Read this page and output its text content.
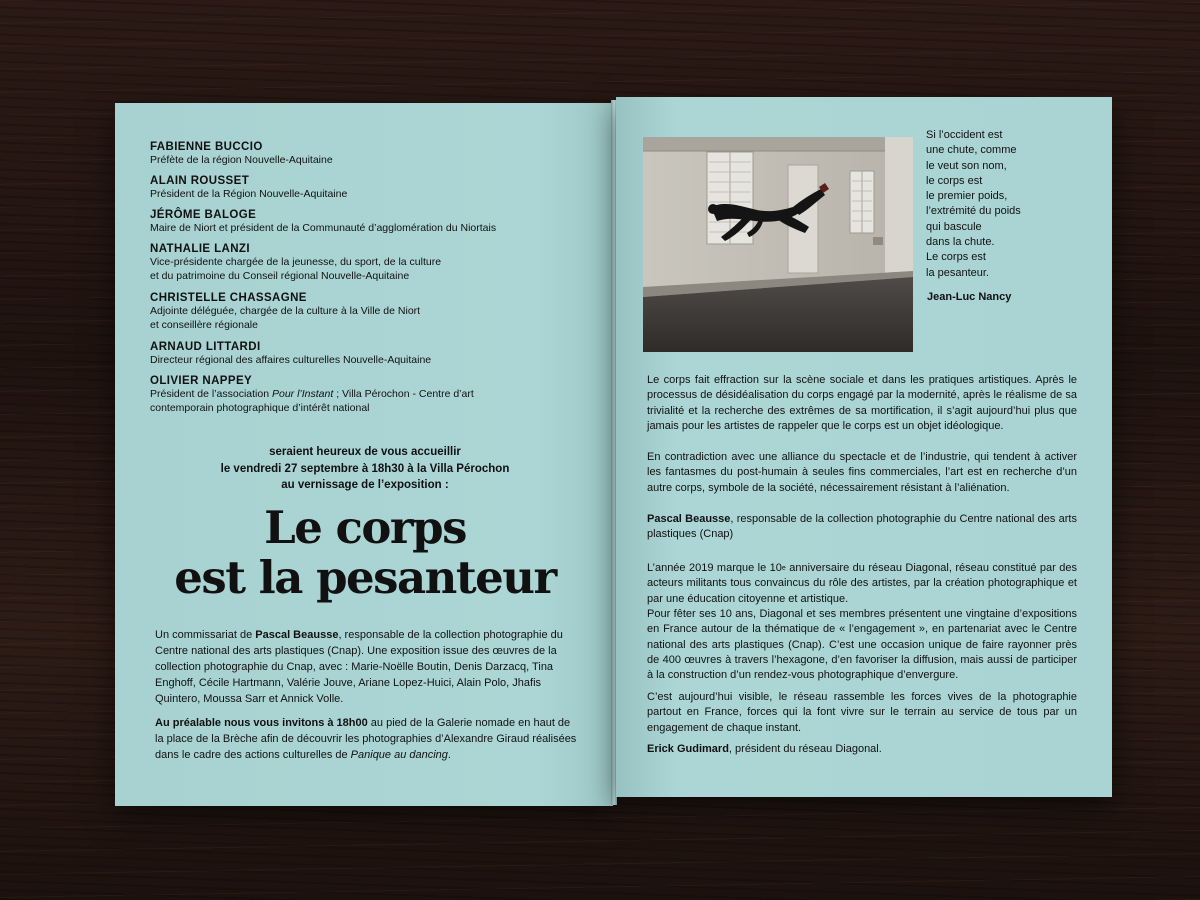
FABIENNE BUCCIO
Préfète de la région Nouvelle-Aquitaine
ALAIN ROUSSET
Président de la Région Nouvelle-Aquitaine
JÉRÔME BALOGE
Maire de Niort et président de la Communauté d’agglomération du Niortais
NATHALIE LANZI
Vice-présidente chargée de la jeunesse, du sport, de la culture
et du patrimoine du Conseil régional Nouvelle-Aquitaine
CHRISTELLE CHASSAGNE
Adjointe déléguée, chargée de la culture à la Ville de Niort
et conseillère régionale
ARNAUD LITTARDI
Directeur régional des affaires culturelles Nouvelle-Aquitaine
OLIVIER NAPPEY
Président de l’association Pour l’Instant ; Villa Pérochon - Centre d’art
contemporain photographique d’intérêt national
seraient heureux de vous accueillir
le vendredi 27 septembre à 18h30 à la Villa Pérochon
au vernissage de l’exposition :
Le corps
est la pesanteur
Un commissariat de Pascal Beausse, responsable de la collection photographie du Centre national des arts plastiques (Cnap). Une exposition issue des œuvres de la collection photographie du Cnap, avec : Marie-Noëlle Boutin, Denis Darzacq, Tina Enghoff, Cécile Hartmann, Valérie Jouve, Ariane Lopez-Huici, Alain Polo, Jhafis Quintero, Moussa Sarr et Annick Volle.
Au préalable nous vous invitons à 18h00 au pied de la Galerie nomade en haut de la place de la Brèche afin de découvrir les photographies d’Alexandre Giraud réalisées dans le cadre des actions culturelles de Panique au dancing.
Si l’occident est
une chute, comme
le veut son nom,
le corps est
le premier poids,
l’extrémité du poids
qui bascule
dans la chute.
Le corps est
la pesanteur.
Jean-Luc Nancy
Le corps fait effraction sur la scène sociale et dans les pratiques artistiques. Après le processus de désidéalisation du corps engagé par la modernité, après le réalisme de sa trivialité et la recherche des extrêmes de sa mortification, il s’agit aujourd’hui plus que jamais pour les artistes de rappeler que le corps est un objet idéologique.
En contradiction avec une alliance du spectacle et de l’industrie, qui tendent à activer les fantasmes du post-humain à seules fins commerciales, l’art est en recherche d’un autre corps, symbole de la société, nécessairement résistant à l’aliénation.
Pascal Beausse, responsable de la collection photographie du Centre national des arts plastiques (Cnap)
L’année 2019 marque le 10e anniversaire du réseau Diagonal, réseau constitué par des acteurs militants tous convaincus du rôle des artistes, par la création photographique et par une éducation citoyenne et artistique.
Pour fêter ses 10 ans, Diagonal et ses membres présentent une vingtaine d’expositions en France autour de la thématique de « l’engagement », en partenariat avec le Centre national des arts plastiques (Cnap). C’est une occasion unique de faire rayonner près de 400 œuvres à travers l’hexagone, d’en favoriser la diffusion, mais aussi de participer à la construction d’un rendez-vous photographique d’envergure.
C’est aujourd’hui visible, le réseau rassemble les forces vives de la photographie partout en France, forces qui la font vivre sur le terrain au service de tous par un engagement de chaque instant.
Erick Gudimard, président du réseau Diagonal.
